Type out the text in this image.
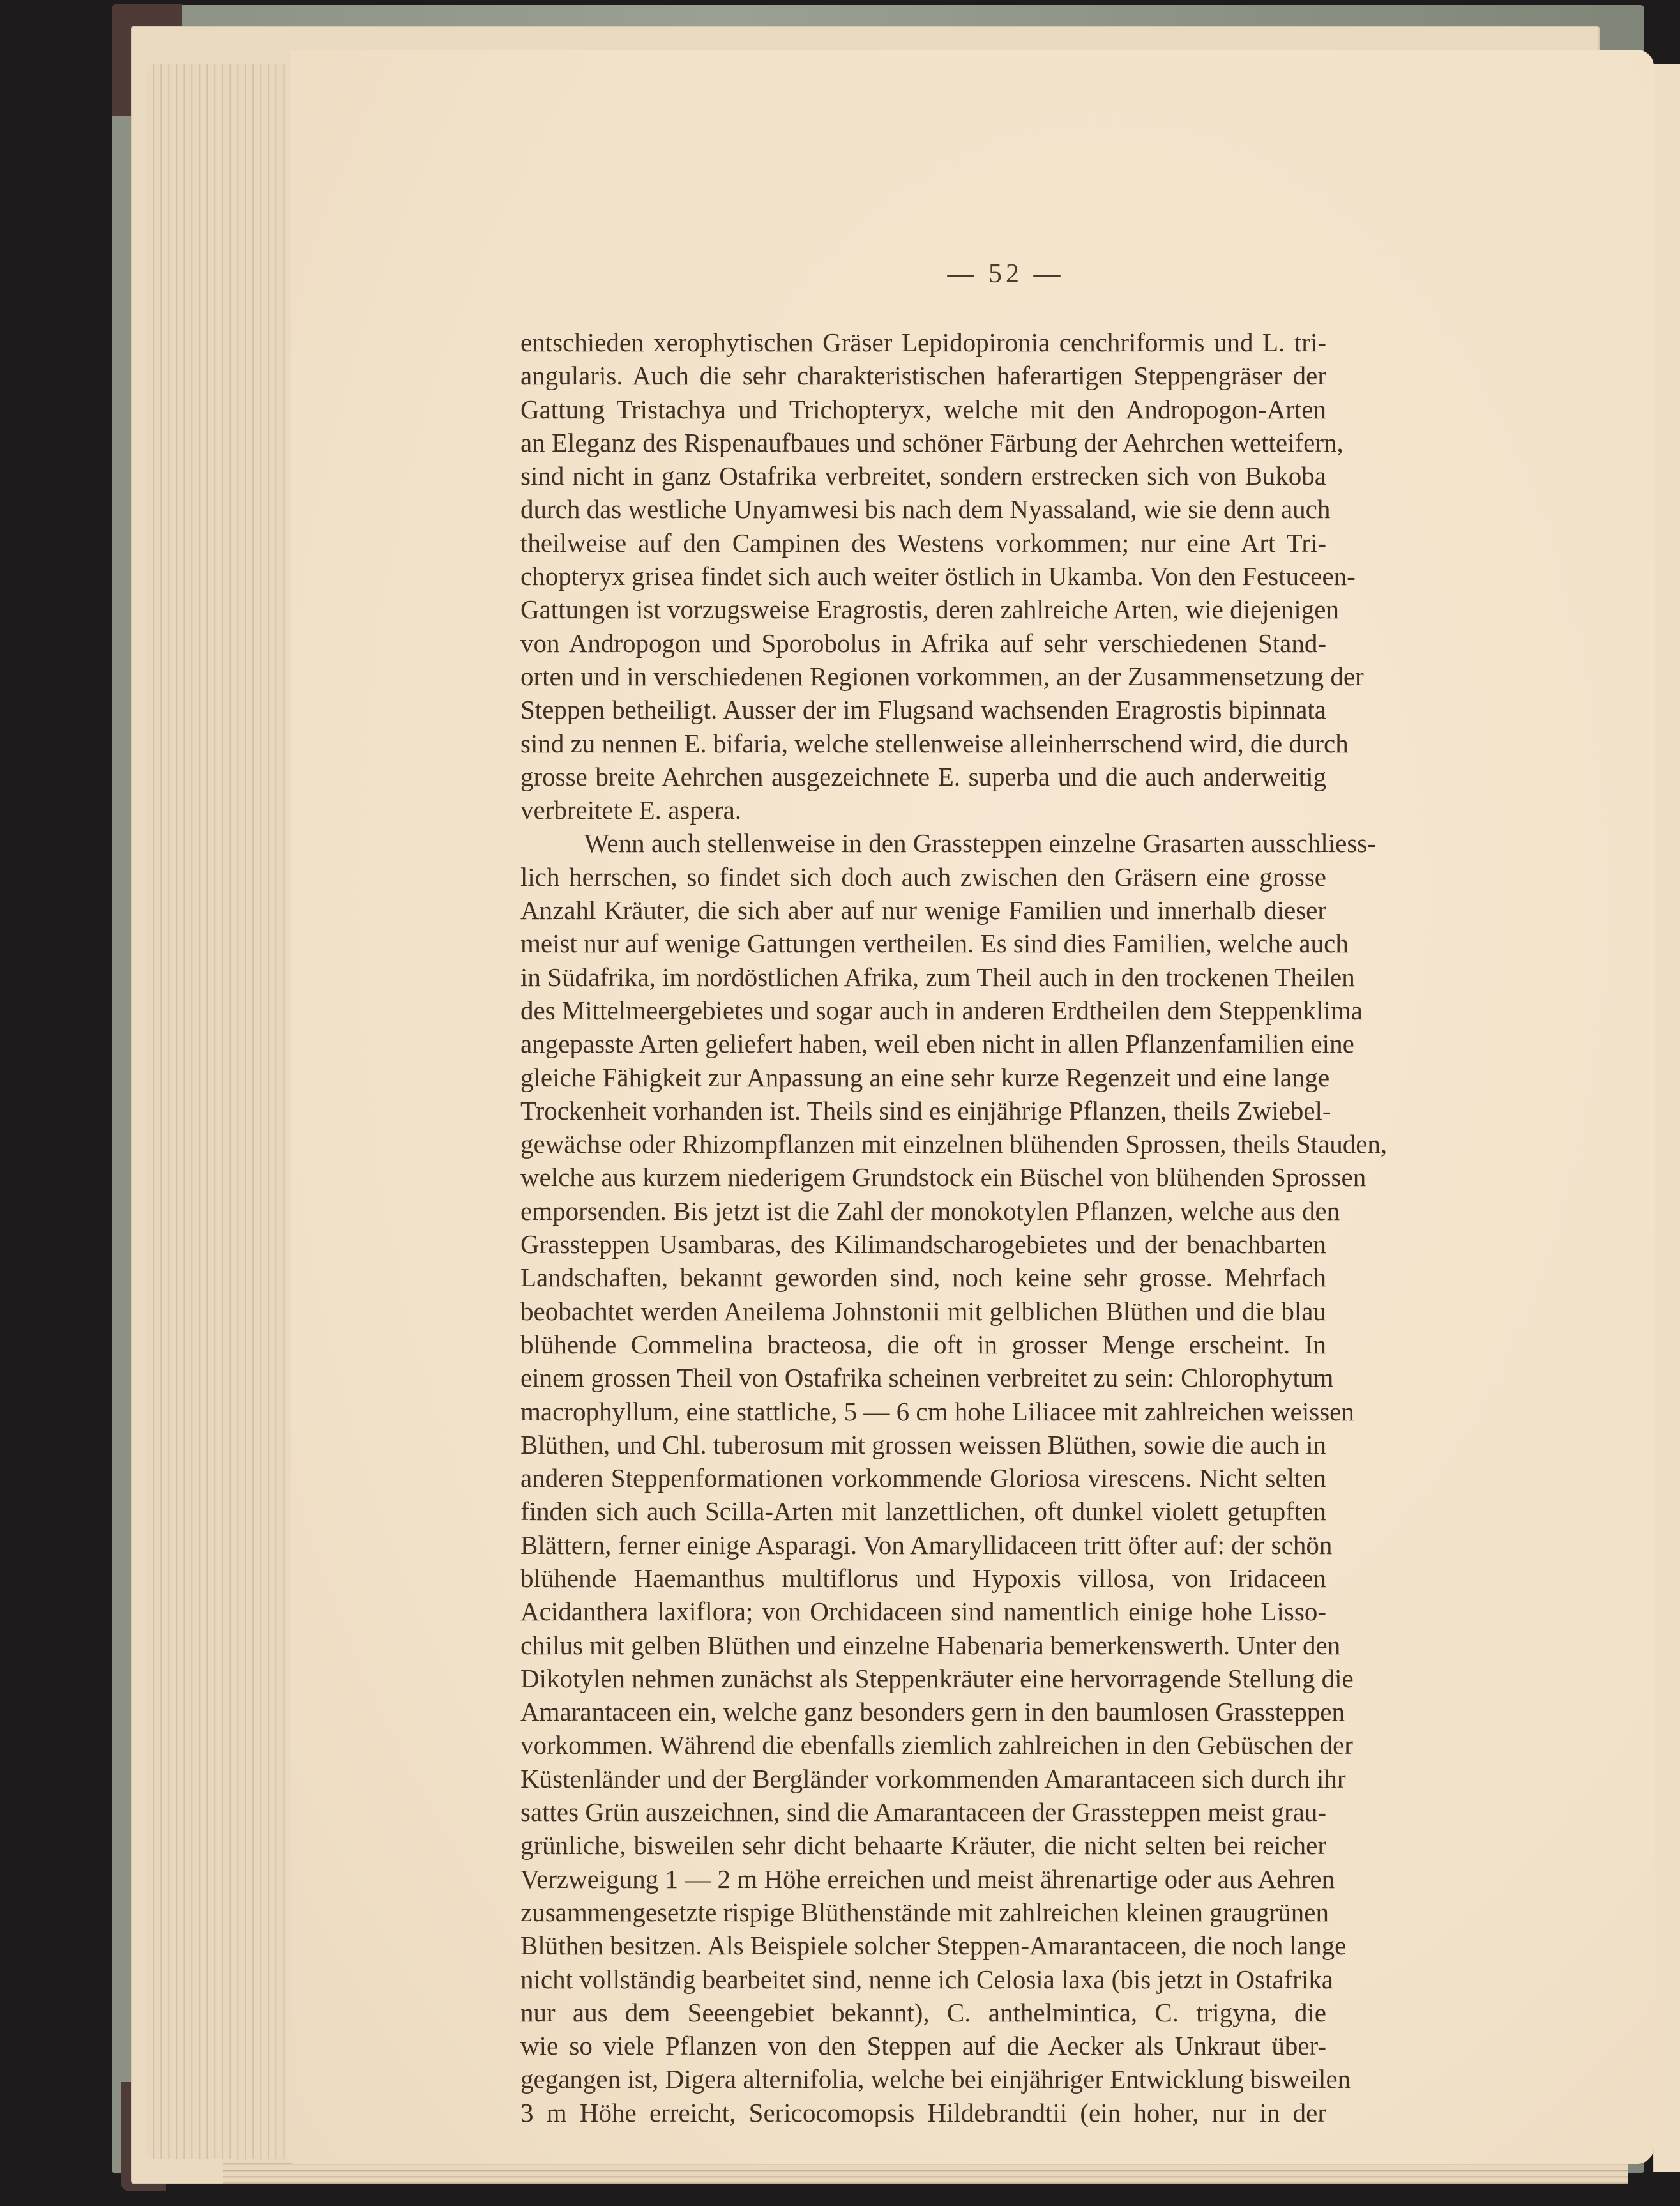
— 52 —
entschieden xerophytischen Gräser Lepidopironia cenchriformis und L. tri-
angularis. Auch die sehr charakteristischen haferartigen Steppengräser der
Gattung Tristachya und Trichopteryx, welche mit den Andropogon-Arten
an Eleganz des Rispenaufbaues und schöner Färbung der Aehrchen wetteifern,
sind nicht in ganz Ostafrika verbreitet, sondern erstrecken sich von Bukoba
durch das westliche Unyamwesi bis nach dem Nyassaland, wie sie denn auch
theilweise auf den Campinen des Westens vorkommen; nur eine Art Tri-
chopteryx grisea findet sich auch weiter östlich in Ukamba. Von den Festuceen-
Gattungen ist vorzugsweise Eragrostis, deren zahlreiche Arten, wie diejenigen
von Andropogon und Sporobolus in Afrika auf sehr verschiedenen Stand-
orten und in verschiedenen Regionen vorkommen, an der Zusammensetzung der
Steppen betheiligt. Ausser der im Flugsand wachsenden Eragrostis bipinnata
sind zu nennen E. bifaria, welche stellenweise alleinherrschend wird, die durch
grosse breite Aehrchen ausgezeichnete E. superba und die auch anderweitig
verbreitete E. aspera.
Wenn auch stellenweise in den Grassteppen einzelne Grasarten ausschliess-
lich herrschen, so findet sich doch auch zwischen den Gräsern eine grosse
Anzahl Kräuter, die sich aber auf nur wenige Familien und innerhalb dieser
meist nur auf wenige Gattungen vertheilen. Es sind dies Familien, welche auch
in Südafrika, im nordöstlichen Afrika, zum Theil auch in den trockenen Theilen
des Mittelmeergebietes und sogar auch in anderen Erdtheilen dem Steppenklima
angepasste Arten geliefert haben, weil eben nicht in allen Pflanzenfamilien eine
gleiche Fähigkeit zur Anpassung an eine sehr kurze Regenzeit und eine lange
Trockenheit vorhanden ist. Theils sind es einjährige Pflanzen, theils Zwiebel-
gewächse oder Rhizompflanzen mit einzelnen blühenden Sprossen, theils Stauden,
welche aus kurzem niederigem Grundstock ein Büschel von blühenden Sprossen
emporsenden. Bis jetzt ist die Zahl der monokotylen Pflanzen, welche aus den
Grassteppen Usambaras, des Kilimandscharogebietes und der benachbarten
Landschaften, bekannt geworden sind, noch keine sehr grosse. Mehrfach
beobachtet werden Aneilema Johnstonii mit gelblichen Blüthen und die blau
blühende Commelina bracteosa, die oft in grosser Menge erscheint. In
einem grossen Theil von Ostafrika scheinen verbreitet zu sein: Chlorophytum
macrophyllum, eine stattliche, 5 — 6 cm hohe Liliacee mit zahlreichen weissen
Blüthen, und Chl. tuberosum mit grossen weissen Blüthen, sowie die auch in
anderen Steppenformationen vorkommende Gloriosa virescens. Nicht selten
finden sich auch Scilla-Arten mit lanzettlichen, oft dunkel violett getupften
Blättern, ferner einige Asparagi. Von Amaryllidaceen tritt öfter auf: der schön
blühende Haemanthus multiflorus und Hypoxis villosa, von Iridaceen
Acidanthera laxiflora; von Orchidaceen sind namentlich einige hohe Lisso-
chilus mit gelben Blüthen und einzelne Habenaria bemerkenswerth. Unter den
Dikotylen nehmen zunächst als Steppenkräuter eine hervorragende Stellung die
Amarantaceen ein, welche ganz besonders gern in den baumlosen Grassteppen
vorkommen. Während die ebenfalls ziemlich zahlreichen in den Gebüschen der
Küstenländer und der Bergländer vorkommenden Amarantaceen sich durch ihr
sattes Grün auszeichnen, sind die Amarantaceen der Grassteppen meist grau-
grünliche, bisweilen sehr dicht behaarte Kräuter, die nicht selten bei reicher
Verzweigung 1 — 2 m Höhe erreichen und meist ährenartige oder aus Aehren
zusammengesetzte rispige Blüthenstände mit zahlreichen kleinen graugrünen
Blüthen besitzen. Als Beispiele solcher Steppen-Amarantaceen, die noch lange
nicht vollständig bearbeitet sind, nenne ich Celosia laxa (bis jetzt in Ostafrika
nur aus dem Seeengebiet bekannt), C. anthelmintica, C. trigyna, die
wie so viele Pflanzen von den Steppen auf die Aecker als Unkraut über-
gegangen ist, Digera alternifolia, welche bei einjähriger Entwicklung bisweilen
3 m Höhe erreicht, Sericocomopsis Hildebrandtii (ein hoher, nur in der
